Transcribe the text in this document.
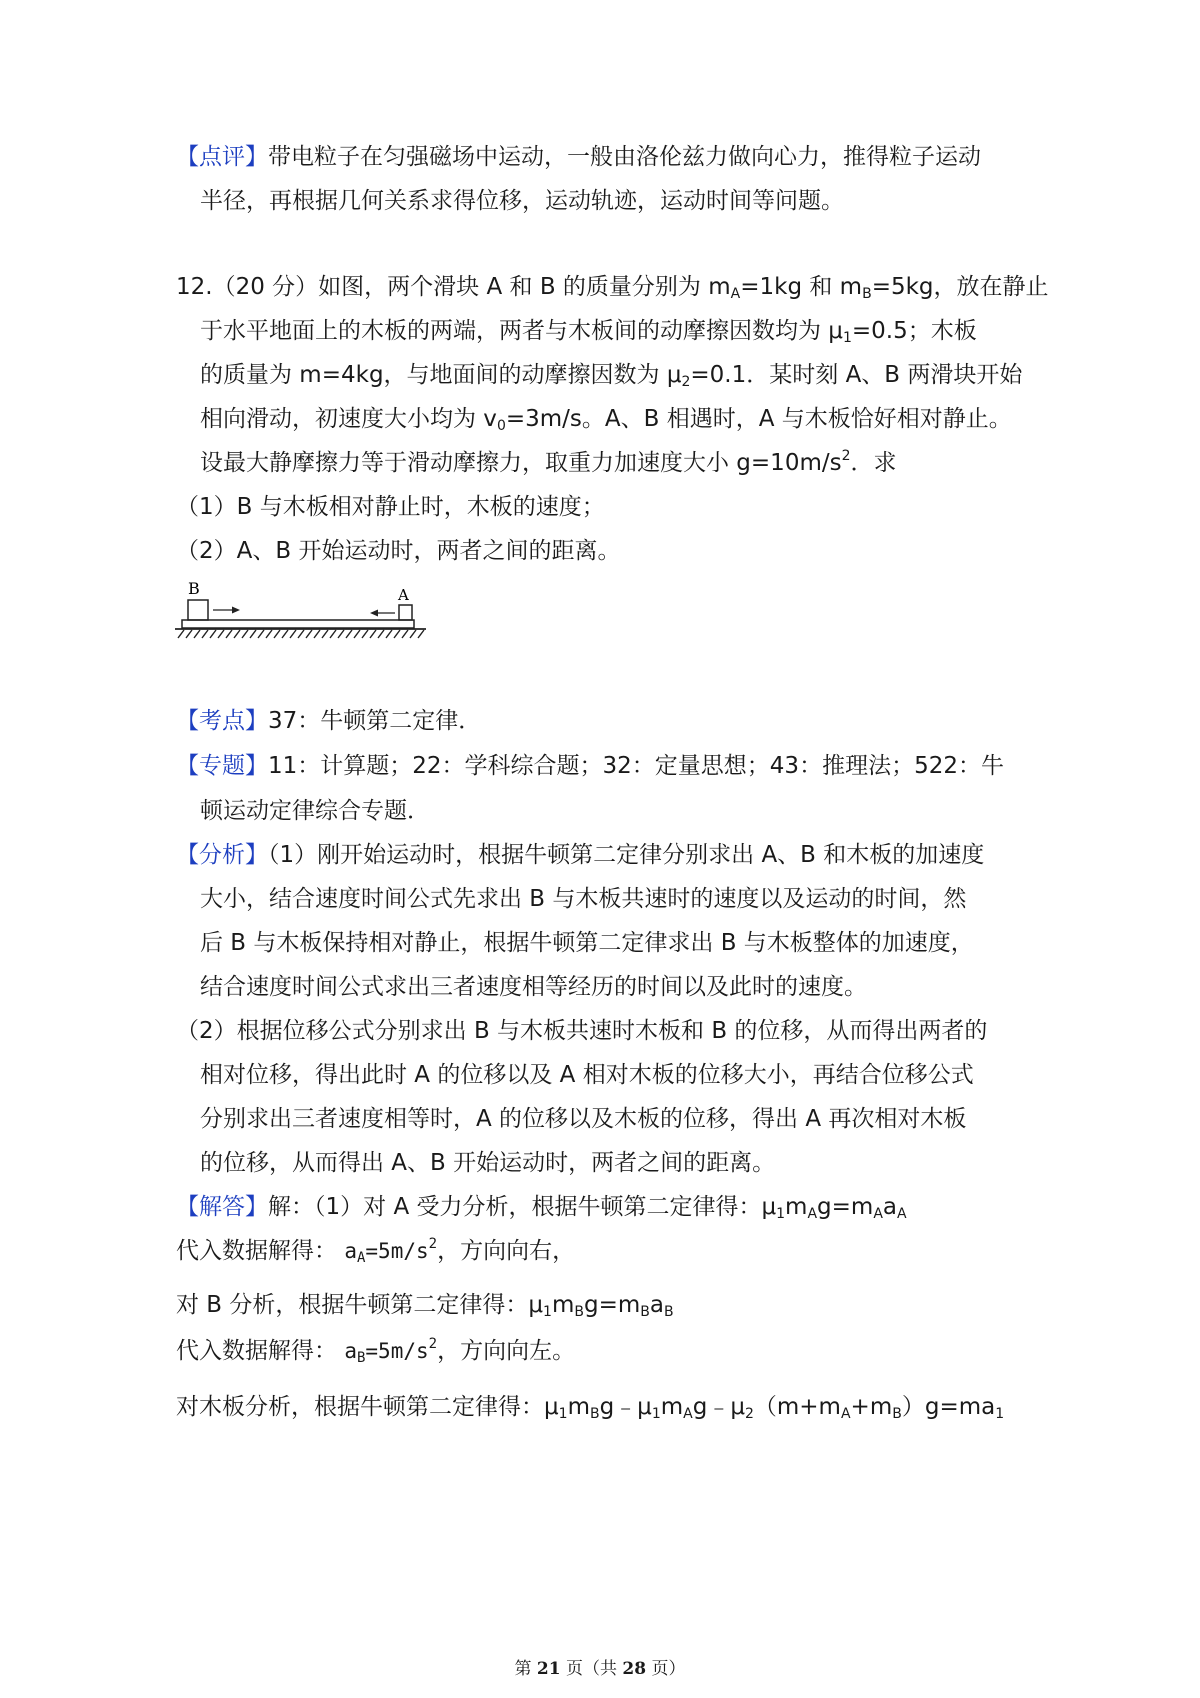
【点评】带电粒子在匀强磁场中运动，一般由洛伦兹力做向心力，推得粒子运动
半径，再根据几何关系求得位移，运动轨迹，运动时间等问题。
12.（20 分）如图，两个滑块 A 和 B 的质量分别为 $m_A=1kg$ 和 $m_B=5kg$，放在静止
于水平地面上的木板的两端，两者与木板间的动摩擦因数均为 $\mu_1=0.5$；木板
的质量为 m=4kg，与地面间的动摩擦因数为 $\mu_2=0.1$．某时刻 A、B 两滑块开始
相向滑动，初速度大小均为 $v_0=3m/s$。A、B 相遇时，A 与木板恰好相对静止。
设最大静摩擦力等于滑动摩擦力，取重力加速度大小 $g=10m/s^2$．求
（1）B 与木板相对静止时，木板的速度；
（2）A、B 开始运动时，两者之间的距离。
B	A
【考点】37：牛顿第二定律．
【专题】11：计算题；22：学科综合题；32：定量思想；43：推理法；522：牛
顿运动定律综合专题．
【分析】（1）刚开始运动时，根据牛顿第二定律分别求出 A、B 和木板的加速度
大小，结合速度时间公式先求出 B 与木板共速时的速度以及运动的时间，然
后 B 与木板保持相对静止，根据牛顿第二定律求出 B 与木板整体的加速度，
结合速度时间公式求出三者速度相等经历的时间以及此时的速度。
（2）根据位移公式分别求出 B 与木板共速时木板和 B 的位移，从而得出两者的
相对位移，得出此时 A 的位移以及 A 相对木板的位移大小，再结合位移公式
分别求出三者速度相等时，A 的位移以及木板的位移，得出 A 再次相对木板
的位移，从而得出 A、B 开始运动时，两者之间的距离。
【解答】解：（1）对 A 受力分析，根据牛顿第二定律得：$\mu_1m_Ag=m_Aa_A$
代入数据解得： $a_A=5m/s^2$，方向向右，
对 B 分析，根据牛顿第二定律得：$\mu_1m_Bg=m_Ba_B$
代入数据解得： $a_B=5m/s^2$，方向向左。
对木板分析，根据牛顿第二定律得：$\mu_1m_Bg﹣\mu_1m_Ag﹣\mu_2(m+m_A+m_B)g=ma_1$
第 21 页（共 28 页）
